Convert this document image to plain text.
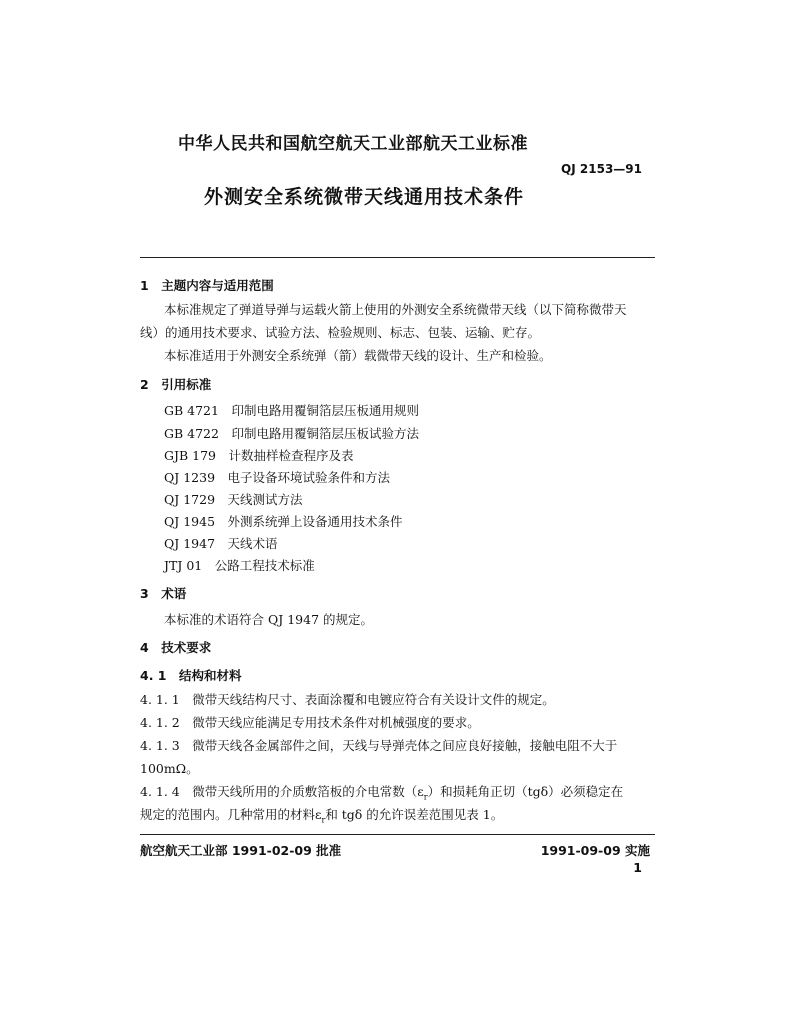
中华人民共和国航空航天工业部航天工业标准
QJ 2153—91
外测安全系统微带天线通用技术条件
1　主题内容与适用范围
本标准规定了弹道导弹与运载火箭上使用的外测安全系统微带天线（以下简称微带天
线）的通用技术要求、试验方法、检验规则、标志、包装、运输、贮存。
本标准适用于外测安全系统弹（箭）载微带天线的设计、生产和检验。
2　引用标准
GB 4721　印制电路用覆铜箔层压板通用规则
GB 4722　印制电路用覆铜箔层压板试验方法
GJB 179　计数抽样检查程序及表
QJ 1239　电子设备环境试验条件和方法
QJ 1729　天线测试方法
QJ 1945　外测系统弹上设备通用技术条件
QJ 1947　天线术语
JTJ 01　公路工程技术标准
3　术语
本标准的术语符合 QJ 1947 的规定。
4　技术要求
4. 1　结构和材料
4. 1. 1　微带天线结构尺寸、表面涂覆和电镀应符合有关设计文件的规定。
4. 1. 2　微带天线应能满足专用技术条件对机械强度的要求。
4. 1. 3　微带天线各金属部件之间，天线与导弹壳体之间应良好接触，接触电阻不大于
100mΩ。
4. 1. 4　微带天线所用的介质敷箔板的介电常数$(\varepsilon_r)$和损耗角正切（tgδ）必须稳定在
规定的范围内。几种常用的材料$\varepsilon_r$和 tgδ 的允许误差范围见表 1。
航空航天工业部 1991-02-09 批准	1991-09-09 实施
1
